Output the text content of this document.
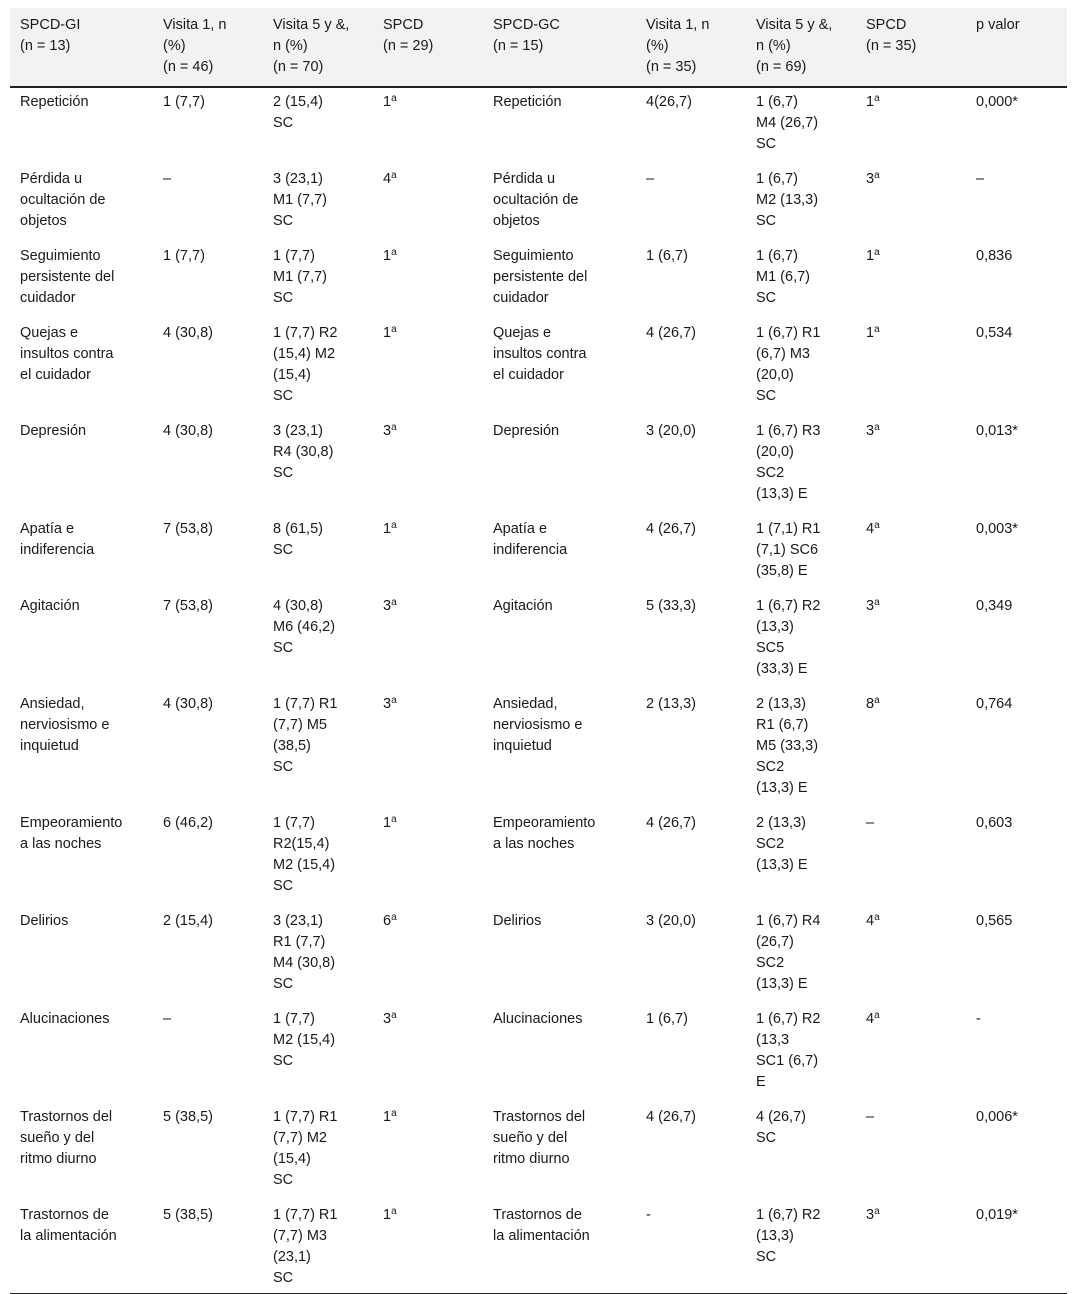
SPCD-GI
(n = 13)	Visita 1, n
(%)
(n = 46)	Visita 5 y &,
n (%)
(n = 70)	SPCD
(n = 29)	SPCD-GC
(n = 15)	Visita 1, n
(%)
(n = 35)	Visita 5 y &,
n (%)
(n = 69)	SPCD
(n = 35)	p valor
Repetición	1 (7,7)	2 (15,4)
SC	1$^a$	Repetición	4(26,7)	1 (6,7)
M4 (26,7)
SC	1$^a$	0,000*
Pérdida u
ocultación de
objetos	–	3 (23,1)
M1 (7,7)
SC	4$^a$	Pérdida u
ocultación de
objetos	–	1 (6,7)
M2 (13,3)
SC	3$^a$	–
Seguimiento
persistente del
cuidador	1 (7,7)	1 (7,7)
M1 (7,7)
SC	1$^a$	Seguimiento
persistente del
cuidador	1 (6,7)	1 (6,7)
M1 (6,7)
SC	1$^a$	0,836
Quejas e
insultos contra
el cuidador	4 (30,8)	1 (7,7) R2
(15,4) M2
(15,4)
SC	1$^a$	Quejas e
insultos contra
el cuidador	4 (26,7)	1 (6,7) R1
(6,7) M3
(20,0)
SC	1$^a$	0,534
Depresión	4 (30,8)	3 (23,1)
R4 (30,8)
SC	3$^a$	Depresión	3 (20,0)	1 (6,7) R3
(20,0)
SC2
(13,3) E	3$^a$	0,013*
Apatía e
indiferencia	7 (53,8)	8 (61,5)
SC	1$^a$	Apatía e
indiferencia	4 (26,7)	1 (7,1) R1
(7,1) SC6
(35,8) E	4$^a$	0,003*
Agitación	7 (53,8)	4 (30,8)
M6 (46,2)
SC	3$^a$	Agitación	5 (33,3)	1 (6,7) R2
(13,3)
SC5
(33,3) E	3$^a$	0,349
Ansiedad,
nerviosismo e
inquietud	4 (30,8)	1 (7,7) R1
(7,7) M5
(38,5)
SC	3$^a$	Ansiedad,
nerviosismo e
inquietud	2 (13,3)	2 (13,3)
R1 (6,7)
M5 (33,3)
SC2
(13,3) E	8$^a$	0,764
Empeoramiento
a las noches	6 (46,2)	1 (7,7)
R2(15,4)
M2 (15,4)
SC	1$^a$	Empeoramiento
a las noches	4 (26,7)	2 (13,3)
SC2
(13,3) E	–	0,603
Delirios	2 (15,4)	3 (23,1)
R1 (7,7)
M4 (30,8)
SC	6$^a$	Delirios	3 (20,0)	1 (6,7) R4
(26,7)
SC2
(13,3) E	4$^a$	0,565
Alucinaciones	–	1 (7,7)
M2 (15,4)
SC	3$^a$	Alucinaciones	1 (6,7)	1 (6,7) R2
(13,3
SC1 (6,7)
E	4$^a$	-
Trastornos del
sueño y del
ritmo diurno	5 (38,5)	1 (7,7) R1
(7,7) M2
(15,4)
SC	1$^a$	Trastornos del
sueño y del
ritmo diurno	4 (26,7)	4 (26,7)
SC	–	0,006*
Trastornos de
la alimentación	5 (38,5)	1 (7,7) R1
(7,7) M3
(23,1)
SC	1$^a$	Trastornos de
la alimentación	-	1 (6,7) R2
(13,3)
SC	3$^a$	0,019*
